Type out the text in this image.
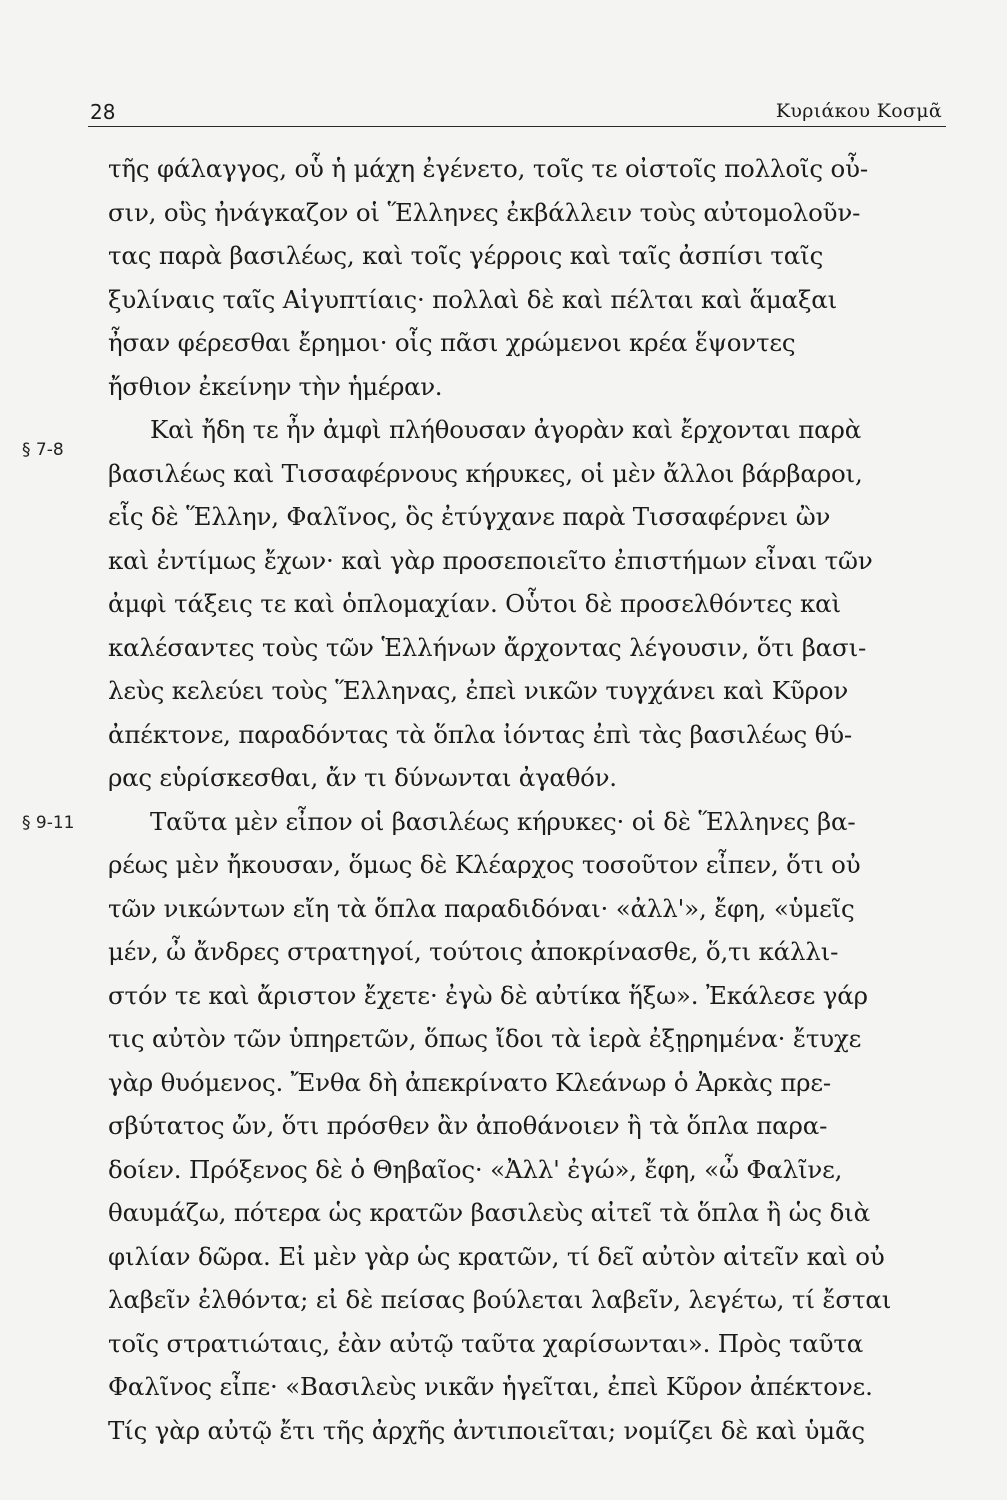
28	Κυριάκου Κοσμᾶ
§ 7-8
§ 9-11
τῆς φάλαγγος, οὗ ἡ μάχη ἐγένετο, τοῖς τε οἰστοῖς πολλοῖς οὖ-
σιν, οὓς ἠνάγκαζον οἱ Ἕλληνες ἐκβάλλειν τοὺς αὐτομολοῦν-
τας παρὰ βασιλέως, καὶ τοῖς γέρροις καὶ ταῖς ἀσπίσι ταῖς
ξυλίναις ταῖς Αἰγυπτίαις· πολλαὶ δὲ καὶ πέλται καὶ ἅμαξαι
ἦσαν φέρεσθαι ἔρημοι· οἷς πᾶσι χρώμενοι κρέα ἕψοντες
ἤσθιον ἐκείνην τὴν ἡμέραν.
Καὶ ἤδη τε ἦν ἀμφὶ πλήθουσαν ἀγορὰν καὶ ἔρχονται παρὰ
βασιλέως καὶ Τισσαφέρνους κήρυκες, οἱ μὲν ἄλλοι βάρβαροι,
εἷς δὲ Ἕλλην, Φαλῖνος, ὃς ἐτύγχανε παρὰ Τισσαφέρνει ὢν
καὶ ἐντίμως ἔχων· καὶ γὰρ προσεποιεῖτο ἐπιστήμων εἶναι τῶν
ἀμφὶ τάξεις τε καὶ ὁπλομαχίαν. Οὗτοι δὲ προσελθόντες καὶ
καλέσαντες τοὺς τῶν Ἑλλήνων ἄρχοντας λέγουσιν, ὅτι βασι-
λεὺς κελεύει τοὺς Ἕλληνας, ἐπεὶ νικῶν τυγχάνει καὶ Κῦρον
ἀπέκτονε, παραδόντας τὰ ὅπλα ἰόντας ἐπὶ τὰς βασιλέως θύ-
ρας εὑρίσκεσθαι, ἄν τι δύνωνται ἀγαθόν.
Ταῦτα μὲν εἶπον οἱ βασιλέως κήρυκες· οἱ δὲ Ἕλληνες βα-
ρέως μὲν ἤκουσαν, ὅμως δὲ Κλέαρχος τοσοῦτον εἶπεν, ὅτι οὐ
τῶν νικώντων εἴη τὰ ὅπλα παραδιδόναι· «ἀλλ'», ἔφη, «ὑμεῖς
μέν, ὦ ἄνδρες στρατηγοί, τούτοις ἀποκρίνασθε, ὅ,τι κάλλι-
στόν τε καὶ ἄριστον ἔχετε· ἐγὼ δὲ αὐτίκα ἥξω». Ἐκάλεσε γάρ
τις αὐτὸν τῶν ὑπηρετῶν, ὅπως ἴδοι τὰ ἱερὰ ἐξῃρημένα· ἔτυχε
γὰρ θυόμενος. Ἔνθα δὴ ἀπεκρίνατο Κλεάνωρ ὁ Ἀρκὰς πρε-
σβύτατος ὤν, ὅτι πρόσθεν ἂν ἀποθάνοιεν ἢ τὰ ὅπλα παρα-
δοίεν. Πρόξενος δὲ ὁ Θηβαῖος· «Ἀλλ' ἐγώ», ἔφη, «ὦ Φαλῖνε,
θαυμάζω, πότερα ὡς κρατῶν βασιλεὺς αἰτεῖ τὰ ὅπλα ἢ ὡς διὰ
φιλίαν δῶρα. Εἰ μὲν γὰρ ὡς κρατῶν, τί δεῖ αὐτὸν αἰτεῖν καὶ οὐ
λαβεῖν ἐλθόντα; εἰ δὲ πείσας βούλεται λαβεῖν, λεγέτω, τί ἔσται
τοῖς στρατιώταις, ἐὰν αὐτῷ ταῦτα χαρίσωνται». Πρὸς ταῦτα
Φαλῖνος εἶπε· «Βασιλεὺς νικᾶν ἡγεῖται, ἐπεὶ Κῦρον ἀπέκτονε.
Τίς γὰρ αὐτῷ ἔτι τῆς ἀρχῆς ἀντιποιεῖται; νομίζει δὲ καὶ ὑμᾶς
